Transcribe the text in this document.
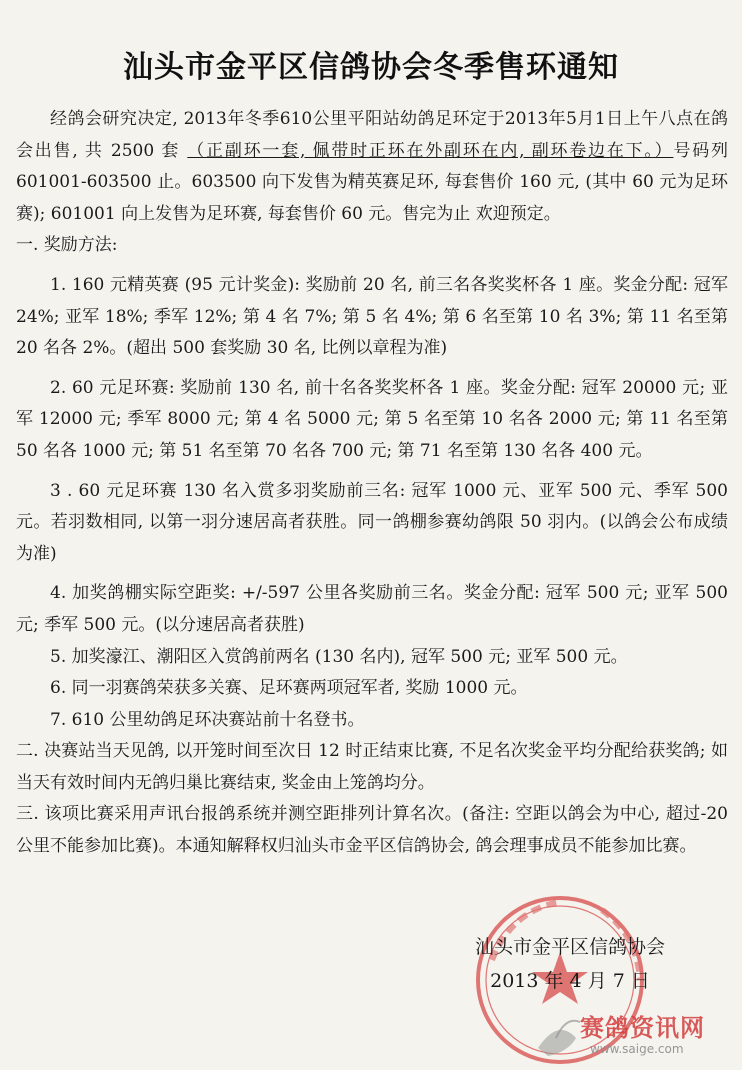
汕头市金平区信鸽协会冬季售环通知

经鸽会研究决定, 2013年冬季610公里平阳站幼鸽足环定于2013年5月1日上午八点在鸽会出售, 共 2500 套 （正副环一套, 佩带时正环在外副环在内, 副环卷边在下。）号码列601001-603500 止。603500 向下发售为精英赛足环, 每套售价 160 元, (其中 60 元为足环赛); 601001 向上发售为足环赛, 每套售价 60 元。售完为止 欢迎预定。

一. 奖励方法:

1. 160 元精英赛 (95 元计奖金): 奖励前 20 名, 前三名各奖奖杯各 1 座。奖金分配: 冠军 24%; 亚军 18%; 季军 12%; 第 4 名 7%; 第 5 名 4%; 第 6 名至第 10 名 3%; 第 11 名至第 20 名各 2%。(超出 500 套奖励 30 名, 比例以章程为准)

2. 60 元足环赛: 奖励前 130 名, 前十名各奖奖杯各 1 座。奖金分配: 冠军 20000 元; 亚军 12000 元; 季军 8000 元; 第 4 名 5000 元; 第 5 名至第 10 名各 2000 元; 第 11 名至第 50 名各 1000 元; 第 51 名至第 70 名各 700 元; 第 71 名至第 130 名各 400 元。

3 . 60 元足环赛 130 名入赏多羽奖励前三名: 冠军 1000 元、亚军 500 元、季军 500 元。若羽数相同, 以第一羽分速居高者获胜。同一鸽棚参赛幼鸽限 50 羽内。(以鸽会公布成绩为准)

4. 加奖鸽棚实际空距奖: +/-597 公里各奖励前三名。奖金分配: 冠军 500 元; 亚军 500 元; 季军 500 元。(以分速居高者获胜)

5. 加奖濠江、潮阳区入赏鸽前两名 (130 名内), 冠军 500 元; 亚军 500 元。

6. 同一羽赛鸽荣获多关赛、足环赛两项冠军者, 奖励 1000 元。

7. 610 公里幼鸽足环决赛站前十名登书。

二. 决赛站当天见鸽, 以开笼时间至次日 12 时正结束比赛, 不足名次奖金平均分配给获奖鸽; 如当天有效时间内无鸽归巢比赛结束, 奖金由上笼鸽均分。

三. 该项比赛采用声讯台报鸽系统并测空距排列计算名次。(备注: 空距以鸽会为中心, 超过-20 公里不能参加比赛)。本通知解释权归汕头市金平区信鸽协会, 鸽会理事成员不能参加比赛。

汕头市金平区信鸽协会
2013 年 4 月 7 日
赛鸽资讯网
www.saige.com
